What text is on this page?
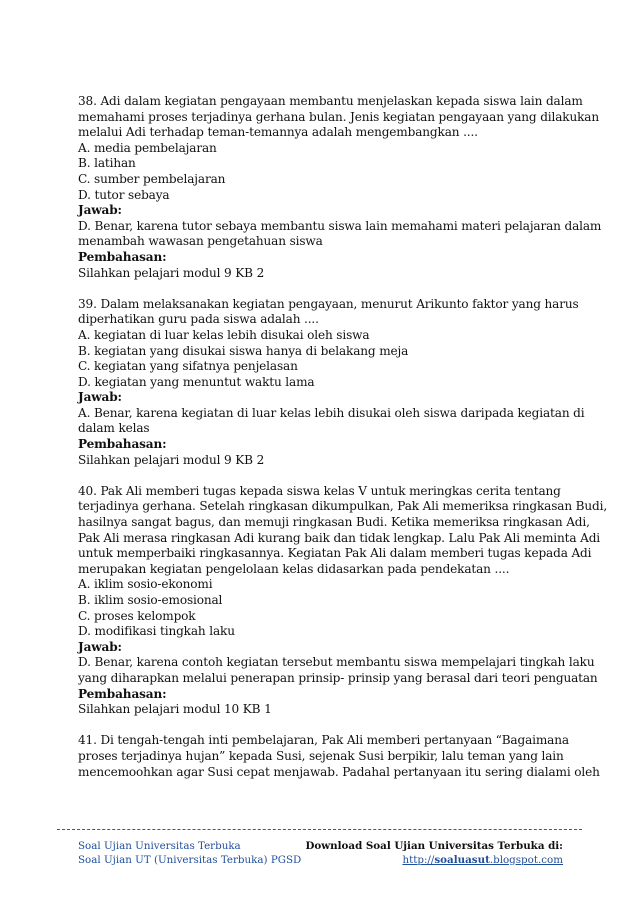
38. Adi dalam kegiatan pengayaan membantu menjelaskan kepada siswa lain dalam
memahami proses terjadinya gerhana bulan. Jenis kegiatan pengayaan yang dilakukan
melalui Adi terhadap teman-temannya adalah mengembangkan ....
A. media pembelajaran
B. latihan
C. sumber pembelajaran
D. tutor sebaya
Jawab:
D. Benar, karena tutor sebaya membantu siswa lain memahami materi pelajaran dalam
menambah wawasan pengetahuan siswa
Pembahasan:
Silahkan pelajari modul 9 KB 2
39. Dalam melaksanakan kegiatan pengayaan, menurut Arikunto faktor yang harus
diperhatikan guru pada siswa adalah ....
A. kegiatan di luar kelas lebih disukai oleh siswa
B. kegiatan yang disukai siswa hanya di belakang meja
C. kegiatan yang sifatnya penjelasan
D. kegiatan yang menuntut waktu lama
Jawab:
A. Benar, karena kegiatan di luar kelas lebih disukai oleh siswa daripada kegiatan di
dalam kelas
Pembahasan:
Silahkan pelajari modul 9 KB 2
40. Pak Ali memberi tugas kepada siswa kelas V untuk meringkas cerita tentang
terjadinya gerhana. Setelah ringkasan dikumpulkan, Pak Ali memeriksa ringkasan Budi,
hasilnya sangat bagus, dan memuji ringkasan Budi. Ketika memeriksa ringkasan Adi,
Pak Ali merasa ringkasan Adi kurang baik dan tidak lengkap. Lalu Pak Ali meminta Adi
untuk memperbaiki ringkasannya. Kegiatan Pak Ali dalam memberi tugas kepada Adi
merupakan kegiatan pengelolaan kelas didasarkan pada pendekatan ....
A. iklim sosio-ekonomi
B. iklim sosio-emosional
C. proses kelompok
D. modifikasi tingkah laku
Jawab:
D. Benar, karena contoh kegiatan tersebut membantu siswa mempelajari tingkah laku
yang diharapkan melalui penerapan prinsip- prinsip yang berasal dari teori penguatan
Pembahasan:
Silahkan pelajari modul 10 KB 1
41. Di tengah-tengah inti pembelajaran, Pak Ali memberi pertanyaan “Bagaimana
proses terjadinya hujan” kepada Susi, sejenak Susi berpikir, lalu teman yang lain
mencemoohkan agar Susi cepat menjawab. Padahal pertanyaan itu sering dialami oleh
Soal Ujian Universitas Terbuka
Soal Ujian UT (Universitas Terbuka) PGSD
Download Soal Ujian Universitas Terbuka di:
http://soaluasut.blogspot.com
